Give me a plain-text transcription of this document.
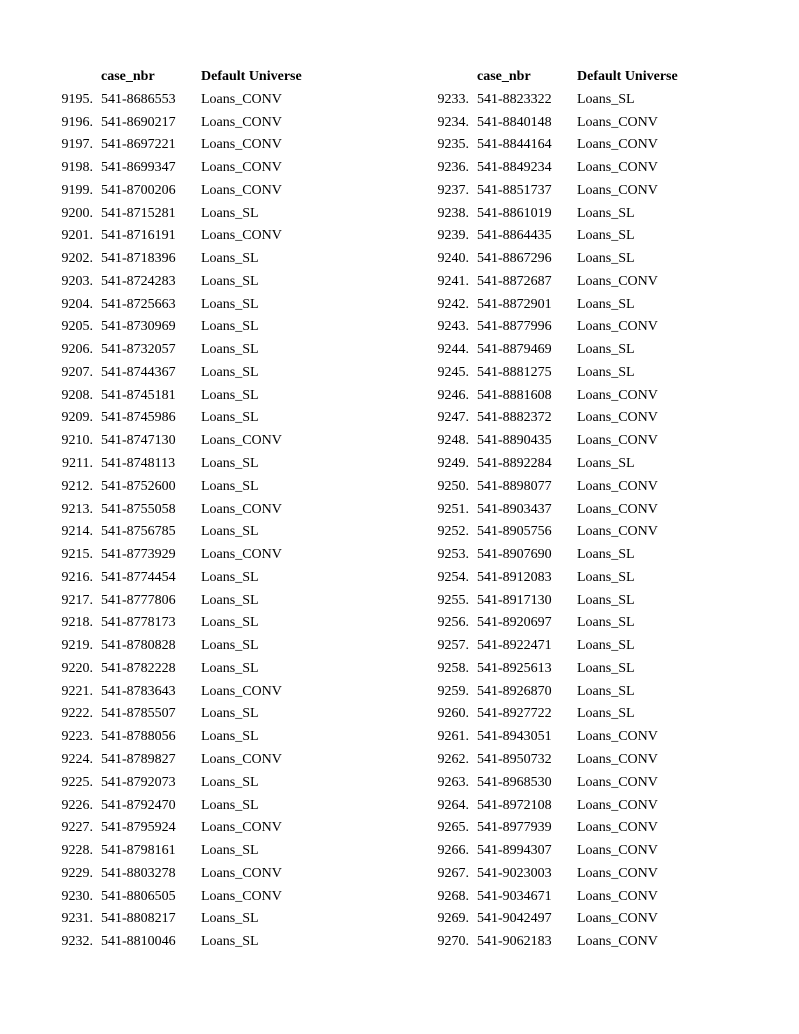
case_nbr	Default Universe
9195. 541-8686553 Loans_CONV
9196. 541-8690217 Loans_CONV
9197. 541-8697221 Loans_CONV
9198. 541-8699347 Loans_CONV
9199. 541-8700206 Loans_CONV
9200. 541-8715281 Loans_SL
9201. 541-8716191 Loans_CONV
9202. 541-8718396 Loans_SL
9203. 541-8724283 Loans_SL
9204. 541-8725663 Loans_SL
9205. 541-8730969 Loans_SL
9206. 541-8732057 Loans_SL
9207. 541-8744367 Loans_SL
9208. 541-8745181 Loans_SL
9209. 541-8745986 Loans_SL
9210. 541-8747130 Loans_CONV
9211. 541-8748113 Loans_SL
9212. 541-8752600 Loans_SL
9213. 541-8755058 Loans_CONV
9214. 541-8756785 Loans_SL
9215. 541-8773929 Loans_CONV
9216. 541-8774454 Loans_SL
9217. 541-8777806 Loans_SL
9218. 541-8778173 Loans_SL
9219. 541-8780828 Loans_SL
9220. 541-8782228 Loans_SL
9221. 541-8783643 Loans_CONV
9222. 541-8785507 Loans_SL
9223. 541-8788056 Loans_SL
9224. 541-8789827 Loans_CONV
9225. 541-8792073 Loans_SL
9226. 541-8792470 Loans_SL
9227. 541-8795924 Loans_CONV
9228. 541-8798161 Loans_SL
9229. 541-8803278 Loans_CONV
9230. 541-8806505 Loans_CONV
9231. 541-8808217 Loans_SL
9232. 541-8810046 Loans_SL
case_nbr	Default Universe
9233. 541-8823322 Loans_SL
9234. 541-8840148 Loans_CONV
9235. 541-8844164 Loans_CONV
9236. 541-8849234 Loans_CONV
9237. 541-8851737 Loans_CONV
9238. 541-8861019 Loans_SL
9239. 541-8864435 Loans_SL
9240. 541-8867296 Loans_SL
9241. 541-8872687 Loans_CONV
9242. 541-8872901 Loans_SL
9243. 541-8877996 Loans_CONV
9244. 541-8879469 Loans_SL
9245. 541-8881275 Loans_SL
9246. 541-8881608 Loans_CONV
9247. 541-8882372 Loans_CONV
9248. 541-8890435 Loans_CONV
9249. 541-8892284 Loans_SL
9250. 541-8898077 Loans_CONV
9251. 541-8903437 Loans_CONV
9252. 541-8905756 Loans_CONV
9253. 541-8907690 Loans_SL
9254. 541-8912083 Loans_SL
9255. 541-8917130 Loans_SL
9256. 541-8920697 Loans_SL
9257. 541-8922471 Loans_SL
9258. 541-8925613 Loans_SL
9259. 541-8926870 Loans_SL
9260. 541-8927722 Loans_SL
9261. 541-8943051 Loans_CONV
9262. 541-8950732 Loans_CONV
9263. 541-8968530 Loans_CONV
9264. 541-8972108 Loans_CONV
9265. 541-8977939 Loans_CONV
9266. 541-8994307 Loans_CONV
9267. 541-9023003 Loans_CONV
9268. 541-9034671 Loans_CONV
9269. 541-9042497 Loans_CONV
9270. 541-9062183 Loans_CONV
